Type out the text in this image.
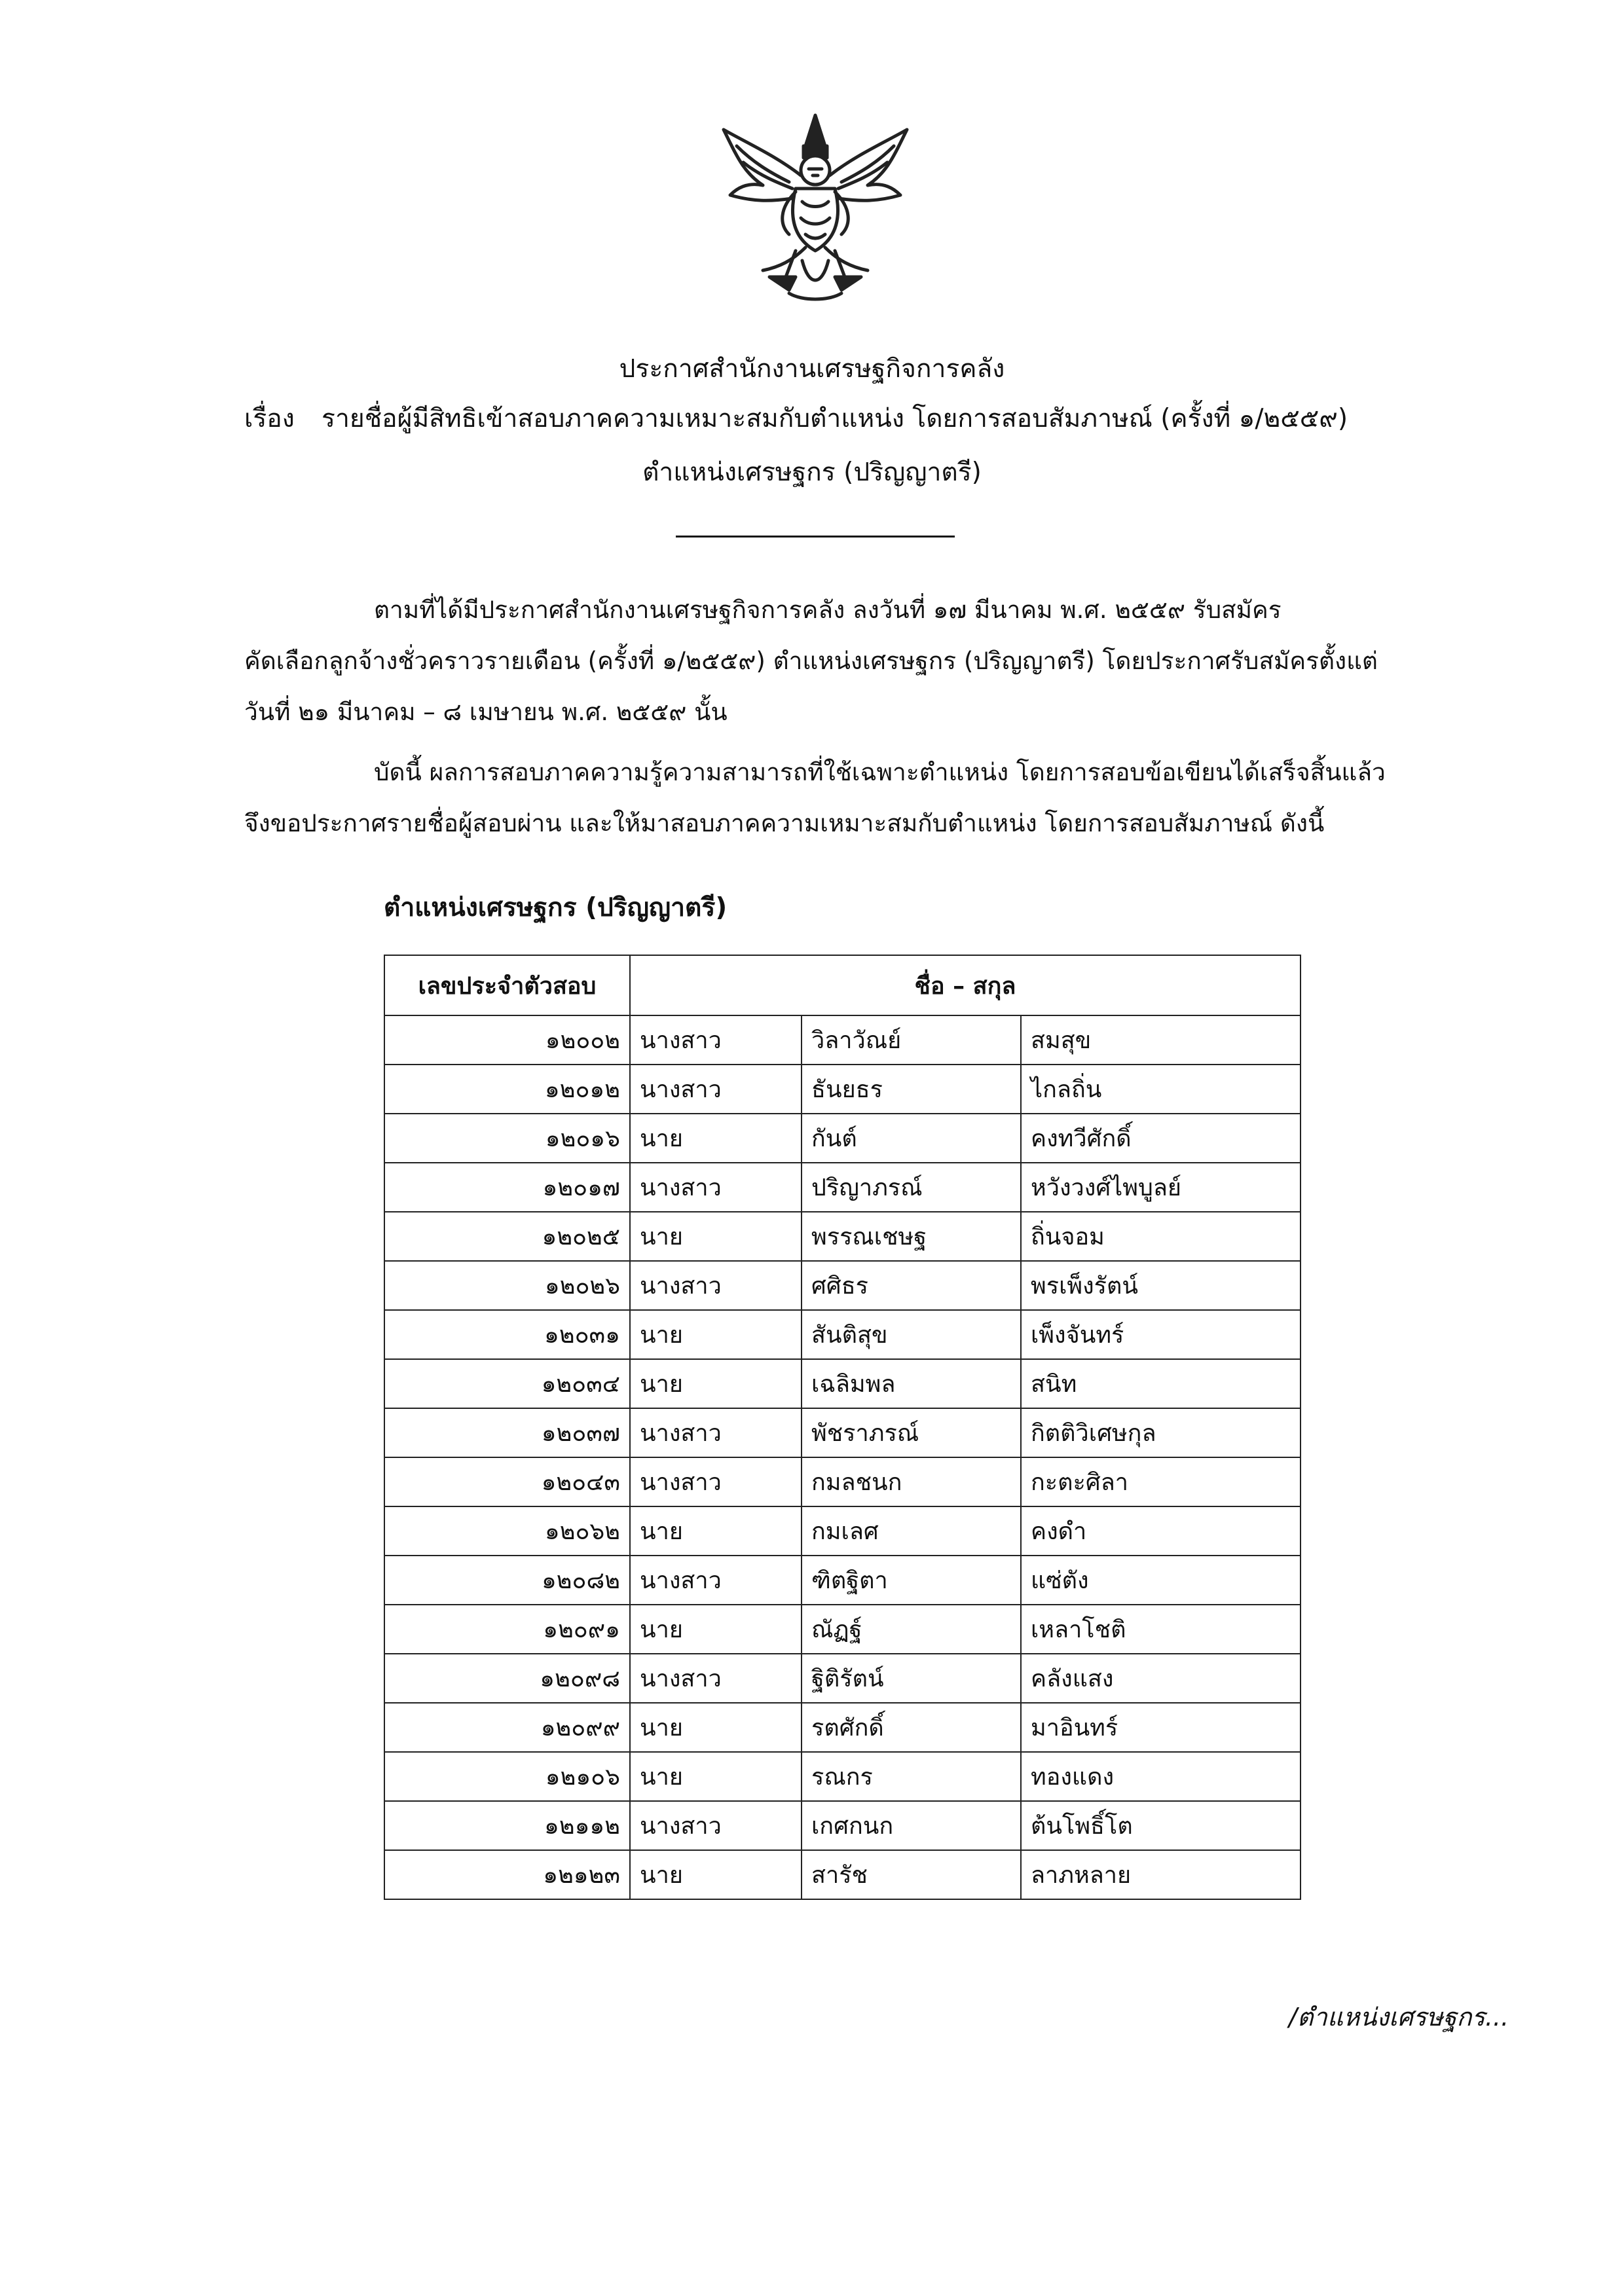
ประกาศสำนักงานเศรษฐกิจการคลัง
เรื่อง รายชื่อผู้มีสิทธิเข้าสอบภาคความเหมาะสมกับตำแหน่ง โดยการสอบสัมภาษณ์ (ครั้งที่ ๑/๒๕๕๙)
ตำแหน่งเศรษฐกร (ปริญญาตรี)
ตามที่ได้มีประกาศสำนักงานเศรษฐกิจการคลัง ลงวันที่ ๑๗ มีนาคม พ.ศ. ๒๕๕๙ รับสมัคร
คัดเลือกลูกจ้างชั่วคราวรายเดือน (ครั้งที่ ๑/๒๕๕๙) ตำแหน่งเศรษฐกร (ปริญญาตรี) โดยประกาศรับสมัครตั้งแต่
วันที่ ๒๑ มีนาคม – ๘ เมษายน พ.ศ. ๒๕๕๙ นั้น
บัดนี้ ผลการสอบภาคความรู้ความสามารถที่ใช้เฉพาะตำแหน่ง โดยการสอบข้อเขียนได้เสร็จสิ้นแล้ว
จึงขอประกาศรายชื่อผู้สอบผ่าน และให้มาสอบภาคความเหมาะสมกับตำแหน่ง โดยการสอบสัมภาษณ์ ดังนี้
ตำแหน่งเศรษฐกร (ปริญญาตรี)
เลขประจำตัวสอบ	ชื่อ – สกุล		
๑๒๐๐๒	นางสาว	วิลาวัณย์	สมสุข
๑๒๐๑๒	นางสาว	ธันยธร	ไกลถิ่น
๑๒๐๑๖	นาย	กันต์	คงทวีศักดิ์
๑๒๐๑๗	นางสาว	ปริญาภรณ์	หวังวงศ์ไพบูลย์
๑๒๐๒๕	นาย	พรรณเชษฐ	ถิ่นจอม
๑๒๐๒๖	นางสาว	ศศิธร	พรเพ็งรัตน์
๑๒๐๓๑	นาย	สันติสุข	เพ็งจันทร์
๑๒๐๓๔	นาย	เฉลิมพล	สนิท
๑๒๐๓๗	นางสาว	พัชราภรณ์	กิตติวิเศษกุล
๑๒๐๔๓	นางสาว	กมลชนก	กะตะศิลา
๑๒๐๖๒	นาย	กมเลศ	คงดำ
๑๒๐๘๒	นางสาว	ฑิตฐิตา	แซ่ตัง
๑๒๐๙๑	นาย	ณัฏฐ์	เหลาโชติ
๑๒๐๙๘	นางสาว	ฐิติรัตน์	คลังแสง
๑๒๐๙๙	นาย	รตศักดิ์	มาอินทร์
๑๒๑๐๖	นาย	รณกร	ทองแดง
๑๒๑๑๒	นางสาว	เกศกนก	ต้นโพธิ์โต
๑๒๑๒๓	นาย	สารัช	ลาภหลาย
/ตำแหน่งเศรษฐกร...
